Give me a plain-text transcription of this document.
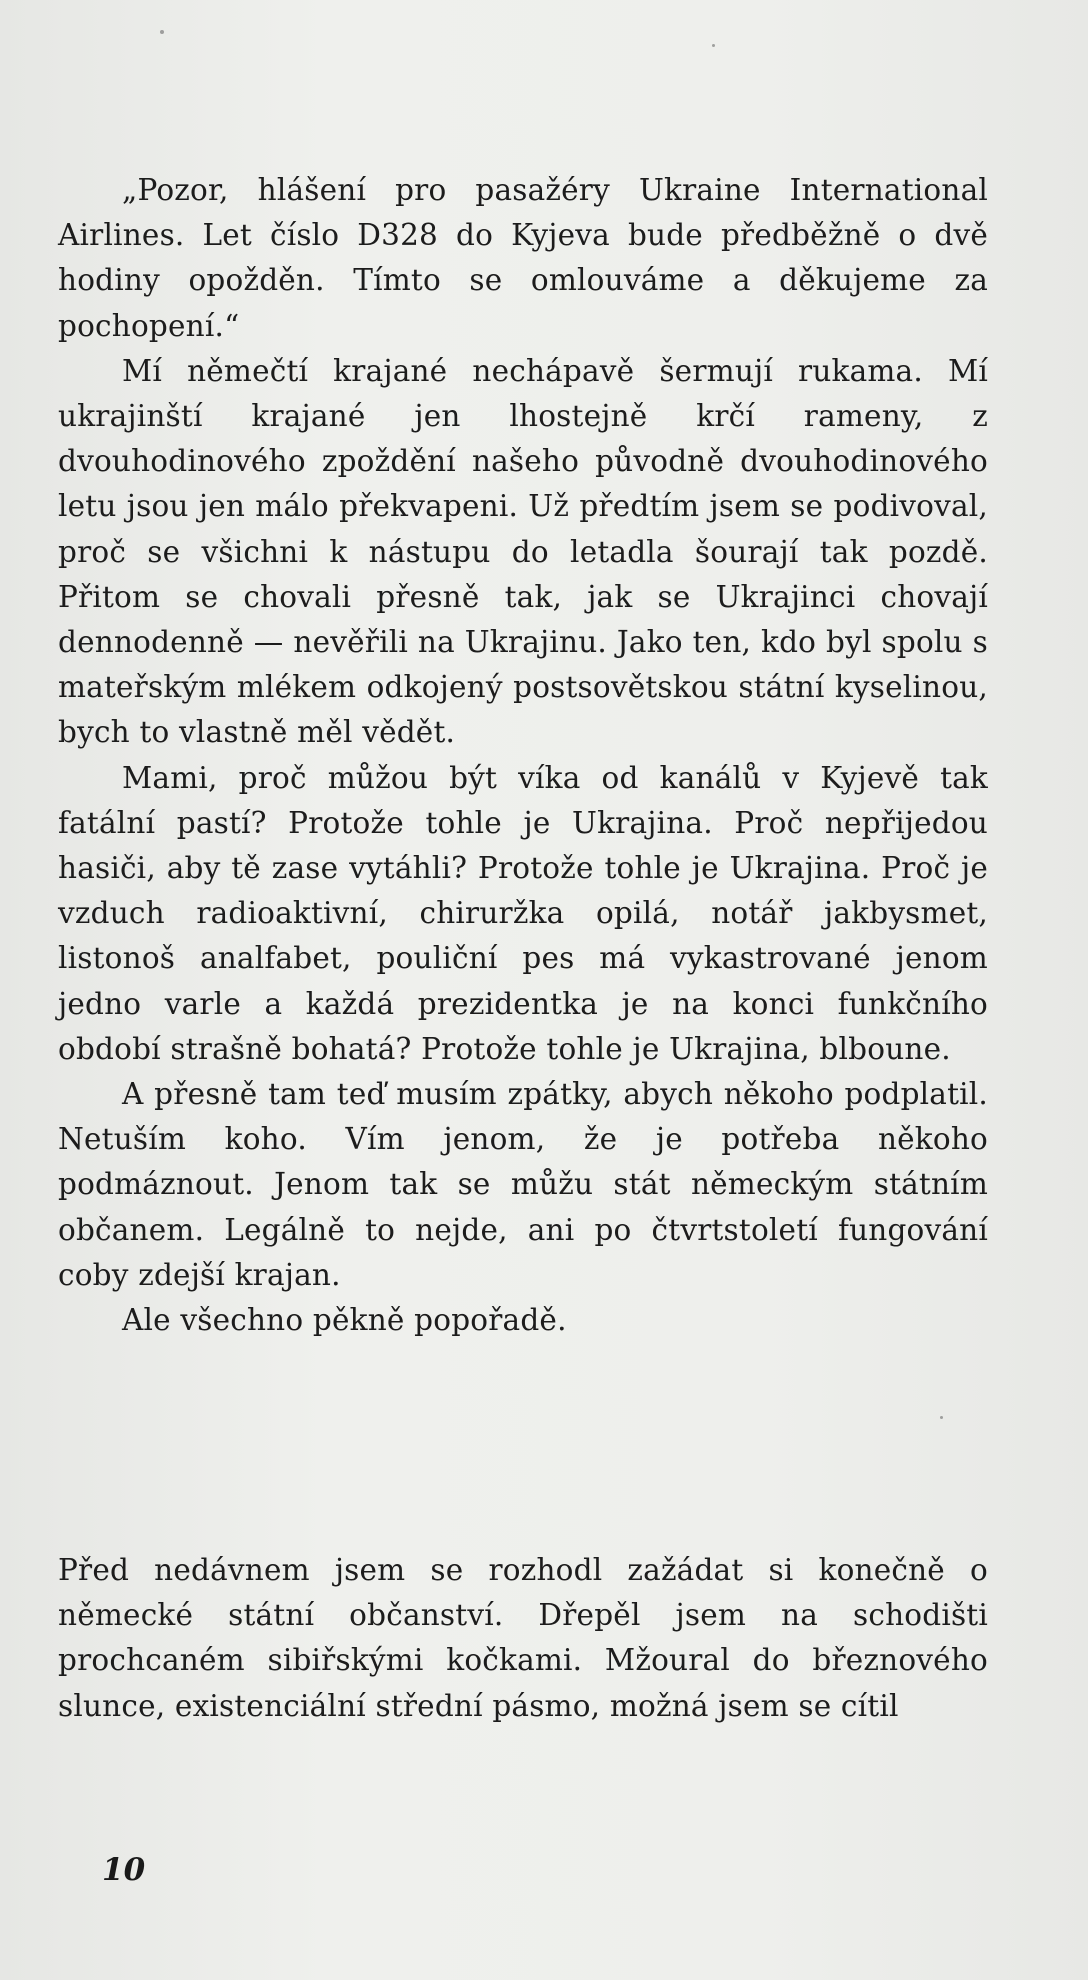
„Pozor, hlášení pro pasažéry Ukraine International Airlines. Let číslo D328 do Kyjeva bude předběžně o dvě hodiny opožděn. Tímto se omlouváme a děkujeme za pochopení.“

Mí němečtí krajané nechápavě šermují rukama. Mí ukrajinští krajané jen lhostejně krčí rameny, z dvouhodinového zpoždění našeho původně dvouhodinového letu jsou jen málo překvapeni. Už předtím jsem se podivoval, proč se všichni k nástupu do letadla šourají tak pozdě. Přitom se chovali přesně tak, jak se Ukrajinci chovají dennodenně — nevěřili na Ukrajinu. Jako ten, kdo byl spolu s mateřským mlékem odkojený postsovětskou státní kyselinou, bych to vlastně měl vědět.

Mami, proč můžou být víka od kanálů v Kyjevě tak fatální pastí? Protože tohle je Ukrajina. Proč nepřijedou hasiči, aby tě zase vytáhli? Protože tohle je Ukrajina. Proč je vzduch radioaktivní, chiruržka opilá, notář jakbysmet, listonoš analfabet, pouliční pes má vykastrované jenom jedno varle a každá prezidentka je na konci funkčního období strašně bohatá? Protože tohle je Ukrajina, blboune.

A přesně tam teď musím zpátky, abych někoho podplatil. Netuším koho. Vím jenom, že je potřeba někoho podmáznout. Jenom tak se můžu stát německým státním občanem. Legálně to nejde, ani po čtvrtstoletí fungování coby zdejší krajan.

Ale všechno pěkně popořadě.

Před nedávnem jsem se rozhodl zažádat si konečně o německé státní občanství. Dřepěl jsem na schodišti prochcaném sibiřskými kočkami. Mžoural do březnového slunce, existenciální střední pásmo, možná jsem se cítil

10
